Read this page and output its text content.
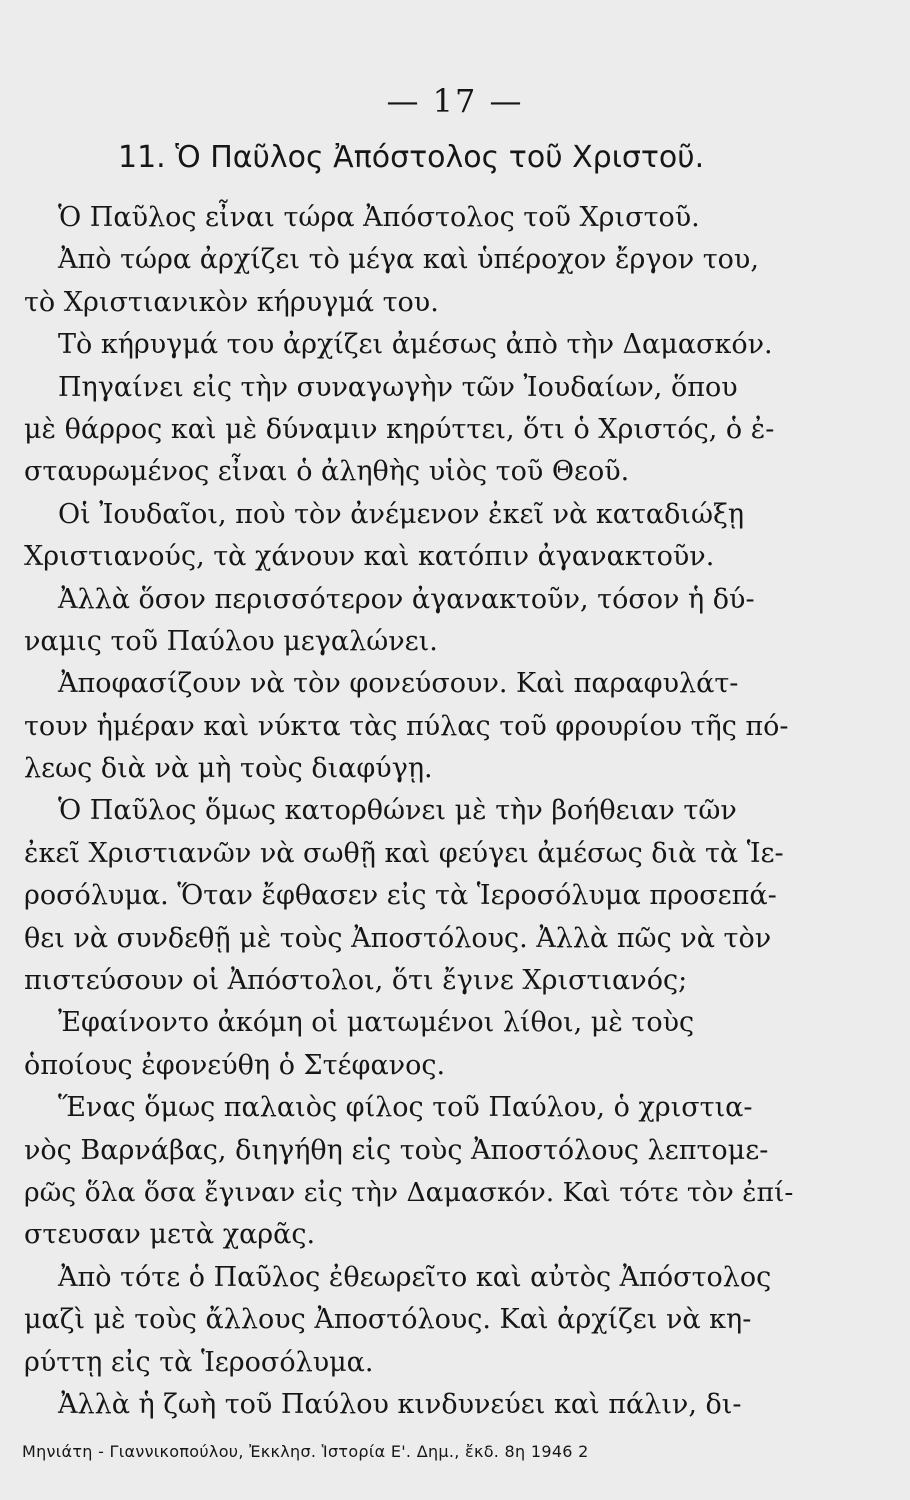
— 17 —
11. Ὁ Παῦλος Ἀπόστολος τοῦ Χριστοῦ.
Ὁ Παῦλος εἶναι τώρα Ἀπόστολος τοῦ Χριστοῦ.
Ἀπὸ τώρα ἀρχίζει τὸ μέγα καὶ ὑπέροχον ἔργον του,
τὸ Χριστιανικὸν κήρυγμά του.
Τὸ κήρυγμά του ἀρχίζει ἀμέσως ἀπὸ τὴν Δαμασκόν.
Πηγαίνει εἰς τὴν συναγωγὴν τῶν Ἰουδαίων, ὅπου
μὲ θάρρος καὶ μὲ δύναμιν κηρύττει, ὅτι ὁ Χριστός, ὁ ἐ-
σταυρωμένος εἶναι ὁ ἀληθὴς υἱὸς τοῦ Θεοῦ.
Οἱ Ἰουδαῖοι, ποὺ τὸν ἀνέμενον ἐκεῖ νὰ καταδιώξῃ
Χριστιανούς, τὰ χάνουν καὶ κατόπιν ἀγανακτοῦν.
Ἀλλὰ ὅσον περισσότερον ἀγανακτοῦν, τόσον ἡ δύ-
ναμις τοῦ Παύλου μεγαλώνει.
Ἀποφασίζουν νὰ τὸν φονεύσουν. Καὶ παραφυλάτ-
τουν ἡμέραν καὶ νύκτα τὰς πύλας τοῦ φρουρίου τῆς πό-
λεως διὰ νὰ μὴ τοὺς διαφύγῃ.
Ὁ Παῦλος ὅμως κατορθώνει μὲ τὴν βοήθειαν τῶν
ἐκεῖ Χριστιανῶν νὰ σωθῇ καὶ φεύγει ἀμέσως διὰ τὰ Ἱε-
ροσόλυμα. Ὅταν ἔφθασεν εἰς τὰ Ἱεροσόλυμα προσεπά-
θει νὰ συνδεθῇ μὲ τοὺς Ἀποστόλους. Ἀλλὰ πῶς νὰ τὸν
πιστεύσουν οἱ Ἀπόστολοι, ὅτι ἔγινε Χριστιανός;
Ἐφαίνοντο ἀκόμη οἱ ματωμένοι λίθοι, μὲ τοὺς
ὁποίους ἐφονεύθη ὁ Στέφανος.
Ἕνας ὅμως παλαιὸς φίλος τοῦ Παύλου, ὁ χριστια-
νὸς Βαρνάβας, διηγήθη εἰς τοὺς Ἀποστόλους λεπτομε-
ρῶς ὅλα ὅσα ἔγιναν εἰς τὴν Δαμασκόν. Καὶ τότε τὸν ἐπί-
στευσαν μετὰ χαρᾶς.
Ἀπὸ τότε ὁ Παῦλος ἐθεωρεῖτο καὶ αὐτὸς Ἀπόστολος
μαζὶ μὲ τοὺς ἄλλους Ἀποστόλους. Καὶ ἀρχίζει νὰ κη-
ρύττῃ εἰς τὰ Ἱεροσόλυμα.
Ἀλλὰ ἡ ζωὴ τοῦ Παύλου κινδυνεύει καὶ πάλιν, δι-
Μηνιάτη - Γιαννικοπούλου, Ἐκκλησ. Ἱστορία Ε'. Δημ., ἔκδ. 8η 1946 2
